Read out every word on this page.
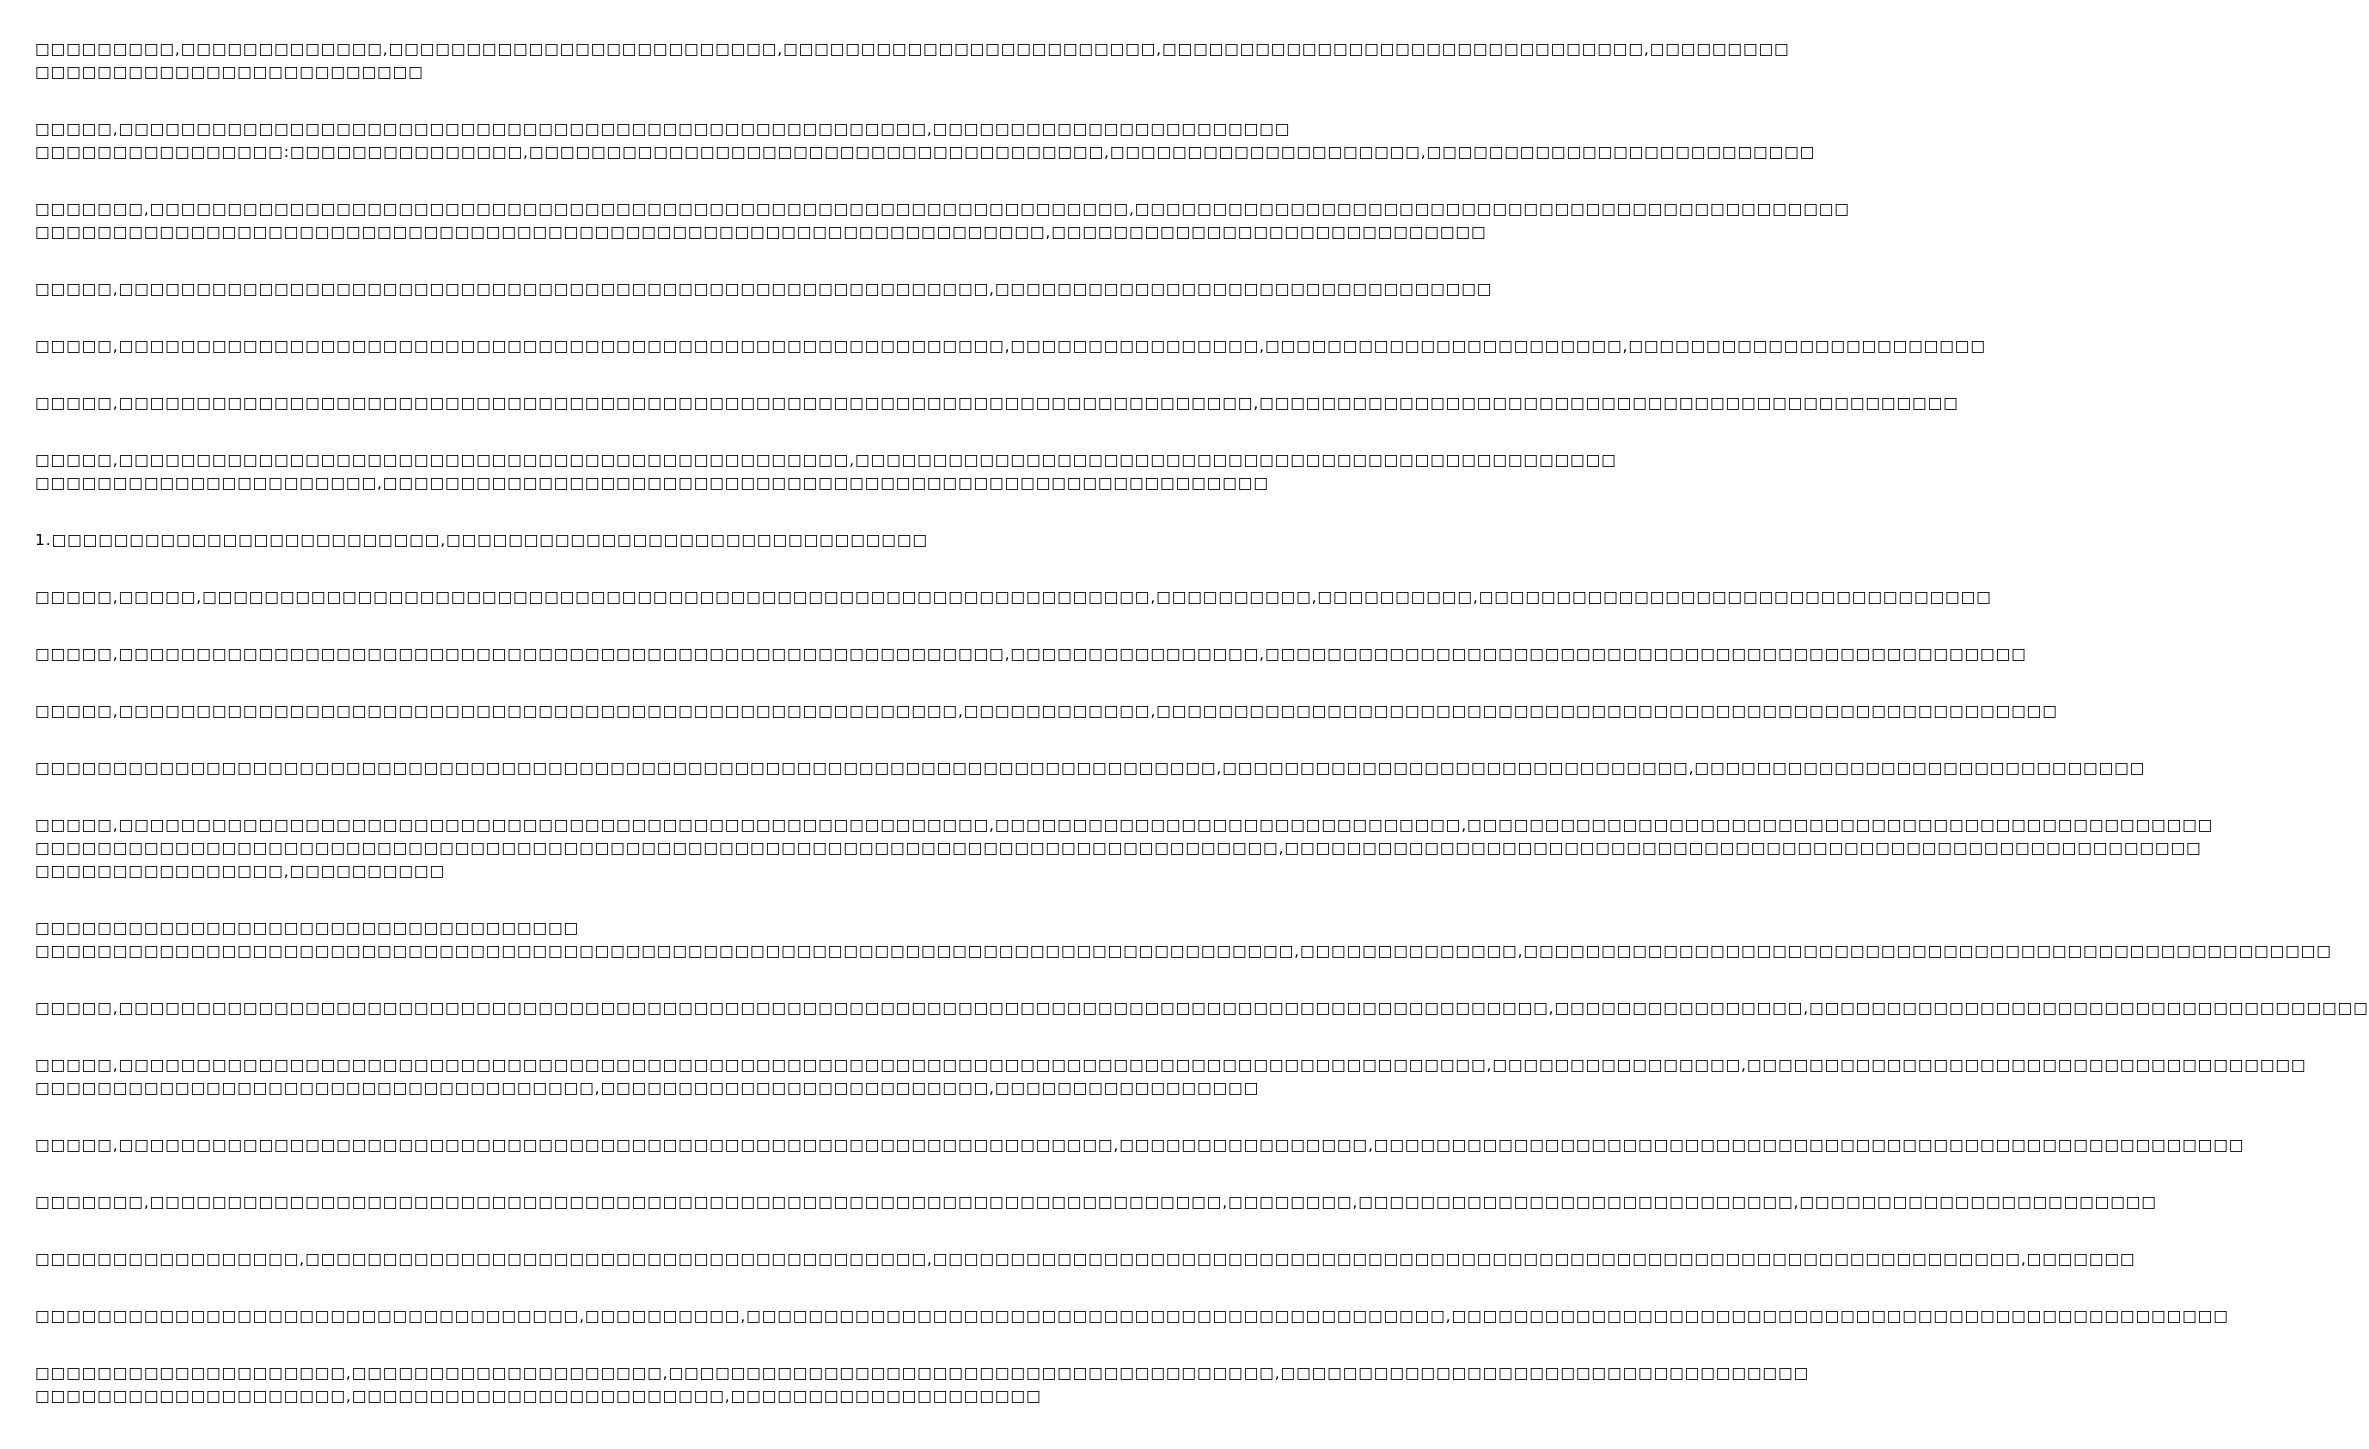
□□□□□□□□□,□□□□□□□□□□□□□,□□□□□□□□□□□□□□□□□□□□□□□□□,□□□□□□□□□□□□□□□□□□□□□□□□,□□□□□□□□□□□□□□□□□□□□□□□□□□□□□□□,□□□□□□□□□
□□□□□□□□□□□□□□□□□□□□□□□□□
□□□□□,□□□□□□□□□□□□□□□□□□□□□□□□□□□□□□□□□□□□□□□□□□□□□□□□□□□□,□□□□□□□□□□□□□□□□□□□□□□□
□□□□□□□□□□□□□□□□:□□□□□□□□□□□□□□□,□□□□□□□□□□□□□□□□□□□□□□□□□□□□□□□□□□□□□,□□□□□□□□□□□□□□□□□□□□,□□□□□□□□□□□□□□□□□□□□□□□□□
□□□□□□□,□□□□□□□□□□□□□□□□□□□□□□□□□□□□□□□□□□□□□□□□□□□□□□□□□□□□□□□□□□□□□□□,□□□□□□□□□□□□□□□□□□□□□□□□□□□□□□□□□□□□□□□□□□□□□□
□□□□□□□□□□□□□□□□□□□□□□□□□□□□□□□□□□□□□□□□□□□□□□□□□□□□□□□□□□□□□□□□□,□□□□□□□□□□□□□□□□□□□□□□□□□□□□
□□□□□,□□□□□□□□□□□□□□□□□□□□□□□□□□□□□□□□□□□□□□□□□□□□□□□□□□□□□□□□,□□□□□□□□□□□□□□□□□□□□□□□□□□□□□□□□
□□□□□,□□□□□□□□□□□□□□□□□□□□□□□□□□□□□□□□□□□□□□□□□□□□□□□□□□□□□□□□□,□□□□□□□□□□□□□□□□,□□□□□□□□□□□□□□□□□□□□□□□,□□□□□□□□□□□□□□□□□□□□□□□
□□□□□,□□□□□□□□□□□□□□□□□□□□□□□□□□□□□□□□□□□□□□□□□□□□□□□□□□□□□□□□□□□□□□□□□□□□□□□□□,□□□□□□□□□□□□□□□□□□□□□□□□□□□□□□□□□□□□□□□□□□□□□
□□□□□,□□□□□□□□□□□□□□□□□□□□□□□□□□□□□□□□□□□□□□□□□□□□□□□,□□□□□□□□□□□□□□□□□□□□□□□□□□□□□□□□□□□□□□□□□□□□□□□□□
□□□□□□□□□□□□□□□□□□□□□□,□□□□□□□□□□□□□□□□□□□□□□□□□□□□□□□□□□□□□□□□□□□□□□□□□□□□□□□□□
1.□□□□□□□□□□□□□□□□□□□□□□□□□,□□□□□□□□□□□□□□□□□□□□□□□□□□□□□□□
□□□□□,□□□□□,□□□□□□□□□□□□□□□□□□□□□□□□□□□□□□□□□□□□□□□□□□□□□□□□□□□□□□□□□□□□□,□□□□□□□□□□,□□□□□□□□□□,□□□□□□□□□□□□□□□□□□□□□□□□□□□□□□□□□
□□□□□,□□□□□□□□□□□□□□□□□□□□□□□□□□□□□□□□□□□□□□□□□□□□□□□□□□□□□□□□□,□□□□□□□□□□□□□□□□,□□□□□□□□□□□□□□□□□□□□□□□□□□□□□□□□□□□□□□□□□□□□□□□□□
□□□□□,□□□□□□□□□□□□□□□□□□□□□□□□□□□□□□□□□□□□□□□□□□□□□□□□□□□□□□,□□□□□□□□□□□□,□□□□□□□□□□□□□□□□□□□□□□□□□□□□□□□□□□□□□□□□□□□□□□□□□□□□□□□□□□
□□□□□□□□□□□□□□□□□□□□□□□□□□□□□□□□□□□□□□□□□□□□□□□□□□□□□□□□□□□□□□□□□□□□□□□□□□□□,□□□□□□□□□□□□□□□□□□□□□□□□□□□□□□,□□□□□□□□□□□□□□□□□□□□□□□□□□□□□
□□□□□,□□□□□□□□□□□□□□□□□□□□□□□□□□□□□□□□□□□□□□□□□□□□□□□□□□□□□□□□,□□□□□□□□□□□□□□□□□□□□□□□□□□□□□□,□□□□□□□□□□□□□□□□□□□□□□□□□□□□□□□□□□□□□□□□□□□□□□□□
□□□□□□□□□□□□□□□□□□□□□□□□□□□□□□□□□□□□□□□□□□□□□□□□□□□□□□□□□□□□□□□□□□□□□□□□□□□□□□□□,□□□□□□□□□□□□□□□□□□□□□□□□□□□□□□□□□□□□□□□□□□□□□□□□□□□□□□□□□□□
□□□□□□□□□□□□□□□□,□□□□□□□□□□
□□□□□□□□□□□□□□□□□□□□□□□□□□□□□□□□□□□
□□□□□□□□□□□□□□□□□□□□□□□□□□□□□□□□□□□□□□□□□□□□□□□□□□□□□□□□□□□□□□□□□□□□□□□□□□□□□□□□□,□□□□□□□□□□□□□□,□□□□□□□□□□□□□□□□□□□□□□□□□□□□□□□□□□□□□□□□□□□□□□□□□□□□
□□□□□,□□□□□□□□□□□□□□□□□□□□□□□□□□□□□□□□□□□□□□□□□□□□□□□□□□□□□□□□□□□□□□□□□□□□□□□□□□□□□□□□□□□□□□□□□□□□,□□□□□□□□□□□□□□□□,□□□□□□□□□□□□□□□□□□□□□□□□□□□□□□□□□□□□
□□□□□,□□□□□□□□□□□□□□□□□□□□□□□□□□□□□□□□□□□□□□□□□□□□□□□□□□□□□□□□□□□□□□□□□□□□□□□□□□□□□□□□□□□□□□□□,□□□□□□□□□□□□□□□□,□□□□□□□□□□□□□□□□□□□□□□□□□□□□□□□□□□□□
□□□□□□□□□□□□□□□□□□□□□□□□□□□□□□□□□□□□,□□□□□□□□□□□□□□□□□□□□□□□□□,□□□□□□□□□□□□□□□□□
□□□□□,□□□□□□□□□□□□□□□□□□□□□□□□□□□□□□□□□□□□□□□□□□□□□□□□□□□□□□□□□□□□□□□□,□□□□□□□□□□□□□□□□,□□□□□□□□□□□□□□□□□□□□□□□□□□□□□□□□□□□□□□□□□□□□□□□□□□□□□□□□
□□□□□□□,□□□□□□□□□□□□□□□□□□□□□□□□□□□□□□□□□□□□□□□□□□□□□□□□□□□□□□□□□□□□□□□□□□□□□,□□□□□□□□,□□□□□□□□□□□□□□□□□□□□□□□□□□□□,□□□□□□□□□□□□□□□□□□□□□□□
□□□□□□□□□□□□□□□□□,□□□□□□□□□□□□□□□□□□□□□□□□□□□□□□□□□□□□□□□□,□□□□□□□□□□□□□□□□□□□□□□□□□□□□□□□□□□□□□□□□□□□□□□□□□□□□□□□□□□□□□□□□□□□□□□,□□□□□□□
□□□□□□□□□□□□□□□□□□□□□□□□□□□□□□□□□□□,□□□□□□□□□□,□□□□□□□□□□□□□□□□□□□□□□□□□□□□□□□□□□□□□□□□□□□□□,□□□□□□□□□□□□□□□□□□□□□□□□□□□□□□□□□□□□□□□□□□□□□□□□□□
□□□□□□□□□□□□□□□□□□□□,□□□□□□□□□□□□□□□□□□□□,□□□□□□□□□□□□□□□□□□□□□□□□□□□□□□□□□□□□□□□,□□□□□□□□□□□□□□□□□□□□□□□□□□□□□□□□□□
□□□□□□□□□□□□□□□□□□□□,□□□□□□□□□□□□□□□□□□□□□□□□,□□□□□□□□□□□□□□□□□□□□
